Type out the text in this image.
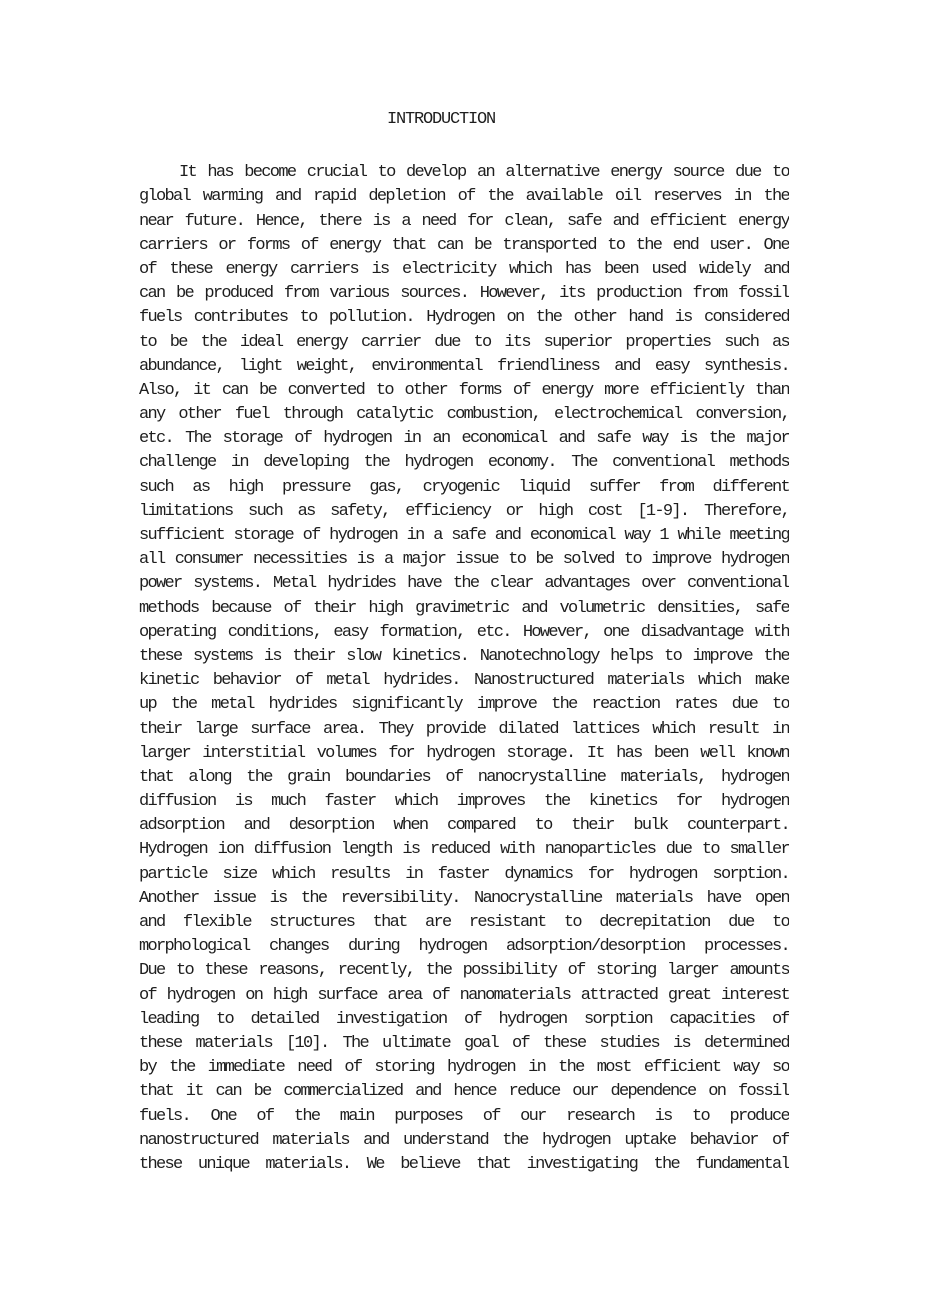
INTRODUCTION
It has become crucial to develop an alternative energy source due to
global warming and rapid depletion of the available oil reserves in the
near future. Hence, there is a need for clean, safe and efficient energy
carriers or forms of energy that can be transported to the end user. One
of these energy carriers is electricity which has been used widely and
can be produced from various sources. However, its production from fossil
fuels contributes to pollution. Hydrogen on the other hand is considered
to be the ideal energy carrier due to its superior properties such as
abundance, light weight, environmental friendliness and easy synthesis.
Also, it can be converted to other forms of energy more efficiently than
any other fuel through catalytic combustion, electrochemical conversion,
etc. The storage of hydrogen in an economical and safe way is the major
challenge in developing the hydrogen economy. The conventional methods
such as high pressure gas, cryogenic liquid suffer from different
limitations such as safety, efficiency or high cost [1-9]. Therefore,
sufficient storage of hydrogen in a safe and economical way 1 while meeting
all consumer necessities is a major issue to be solved to improve hydrogen
power systems. Metal hydrides have the clear advantages over conventional
methods because of their high gravimetric and volumetric densities, safe
operating conditions, easy formation, etc. However, one disadvantage with
these systems is their slow kinetics. Nanotechnology helps to improve the
kinetic behavior of metal hydrides. Nanostructured materials which make
up the metal hydrides significantly improve the reaction rates due to
their large surface area. They provide dilated lattices which result in
larger interstitial volumes for hydrogen storage. It has been well known
that along the grain boundaries of nanocrystalline materials, hydrogen
diffusion is much faster which improves the kinetics for hydrogen
adsorption and desorption when compared to their bulk counterpart.
Hydrogen ion diffusion length is reduced with nanoparticles due to smaller
particle size which results in faster dynamics for hydrogen sorption.
Another issue is the reversibility. Nanocrystalline materials have open
and flexible structures that are resistant to decrepitation due to
morphological changes during hydrogen adsorption/desorption processes.
Due to these reasons, recently, the possibility of storing larger amounts
of hydrogen on high surface area of nanomaterials attracted great interest
leading to detailed investigation of hydrogen sorption capacities of
these materials [10]. The ultimate goal of these studies is determined
by the immediate need of storing hydrogen in the most efficient way so
that it can be commercialized and hence reduce our dependence on fossil
fuels. One of the main purposes of our research is to produce
nanostructured materials and understand the hydrogen uptake behavior of
these unique materials. We believe that investigating the fundamental
